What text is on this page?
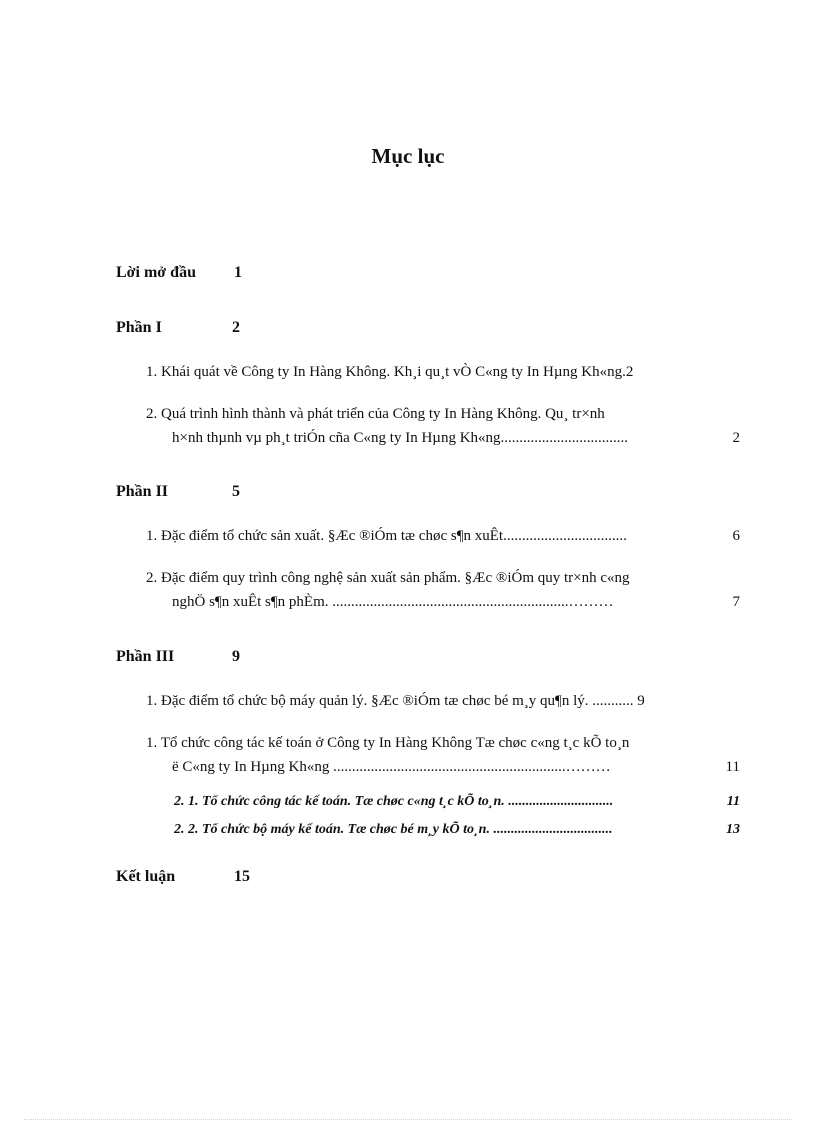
Mục lục
Lời mở đầu 1
Phần I	2
1. Khái quát về Công ty In Hàng Không. Kh¸i qu¸t vÒ C«ng ty In Hµng Kh«ng.2
2. Quá trình hình thành và phát triển của Công ty In Hàng Không. Qu¸ tr×nh
h×nh thµnh vµ ph¸t triÓn cña C«ng ty In Hµng Kh«ng..................................	2
Phần II	5
1. Đặc điểm tổ chức sản xuất. §Æc ®iÓm tæ chøc s¶n xuÊt.................................	6
2. Đặc điểm quy trình công nghệ sản xuất sản phẩm. §Æc ®iÓm quy tr×nh c«ng
nghÖ s¶n xuÊt s¶n phÈm. ...............................................................………	7
Phần III	9
1. Đặc điểm tổ chức bộ máy quản lý. §Æc ®iÓm tæ chøc bé m¸y qu¶n lý. ........... 9
1. Tổ chức công tác kế toán ở Công ty In Hàng Không Tæ chøc c«ng t¸c kÕ to¸n
ë C«ng ty In Hµng Kh«ng ..............................................................………	11
2. 1. Tổ chức công tác kế toán. Tæ chøc c«ng t¸c kÕ to¸n. ..............................	11
2. 2. Tổ chức bộ máy kế toán. Tæ chøc bé m¸y kÕ to¸n. ..................................	13
Kết luận	15
